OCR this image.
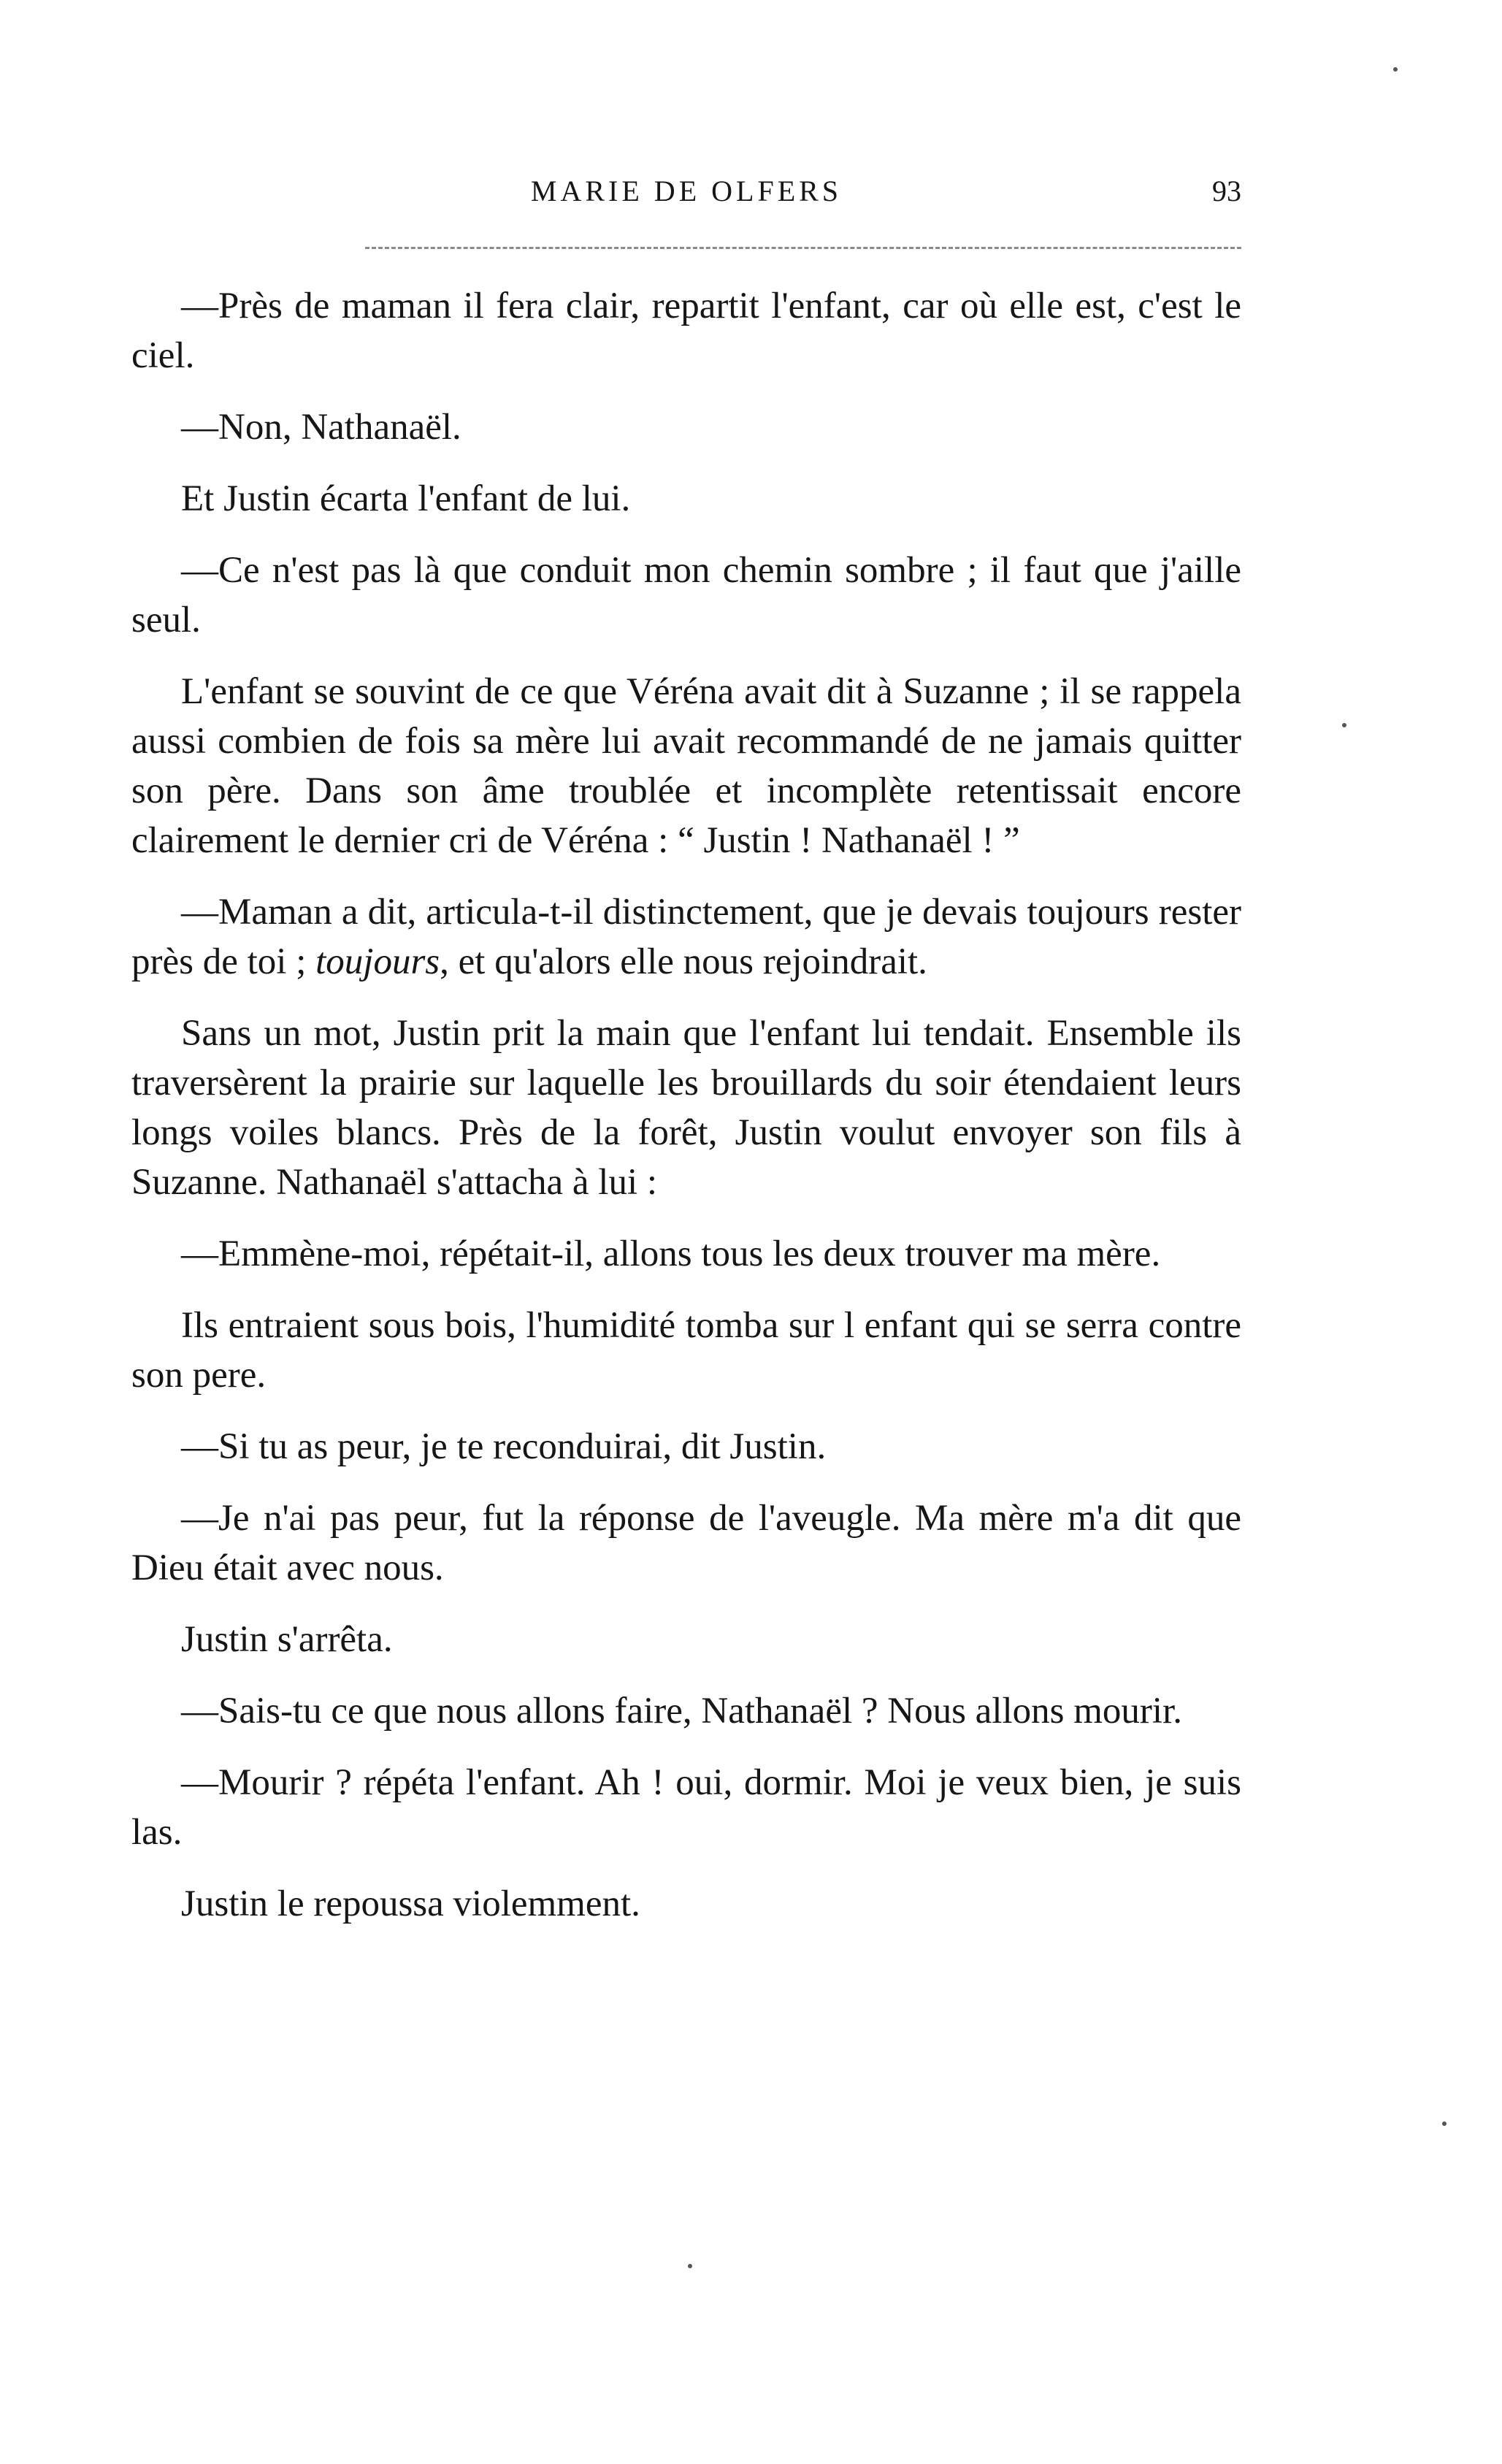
MARIE DE OLFERS	93

—Près de maman il fera clair, repartit l'enfant, car où elle est, c'est le ciel.

—Non, Nathanaël.

Et Justin écarta l'enfant de lui.

—Ce n'est pas là que conduit mon chemin sombre ; il faut que j'aille seul.

L'enfant se souvint de ce que Véréna avait dit à Suzanne ; il se rappela aussi combien de fois sa mère lui avait recommandé de ne jamais quitter son père. Dans son âme troublée et incomplète retentissait encore clairement le dernier cri de Véréna : “ Justin ! Nathanaël ! ”

—Maman a dit, articula-t-il distinctement, que je devais toujours rester près de toi ; toujours, et qu'alors elle nous rejoindrait.

Sans un mot, Justin prit la main que l'enfant lui tendait. Ensemble ils traversèrent la prairie sur laquelle les brouillards du soir étendaient leurs longs voiles blancs. Près de la forêt, Justin voulut envoyer son fils à Suzanne. Nathanaël s'attacha à lui :

—Emmène-moi, répétait-il, allons tous les deux trouver ma mère.

Ils entraient sous bois, l'humidité tomba sur l enfant qui se serra contre son pere.

—Si tu as peur, je te reconduirai, dit Justin.

—Je n'ai pas peur, fut la réponse de l'aveugle. Ma mère m'a dit que Dieu était avec nous.

Justin s'arrêta.

—Sais-tu ce que nous allons faire, Nathanaël ? Nous allons mourir.

—Mourir ? répéta l'enfant. Ah ! oui, dormir. Moi je veux bien, je suis las.

Justin le repoussa violemment.
